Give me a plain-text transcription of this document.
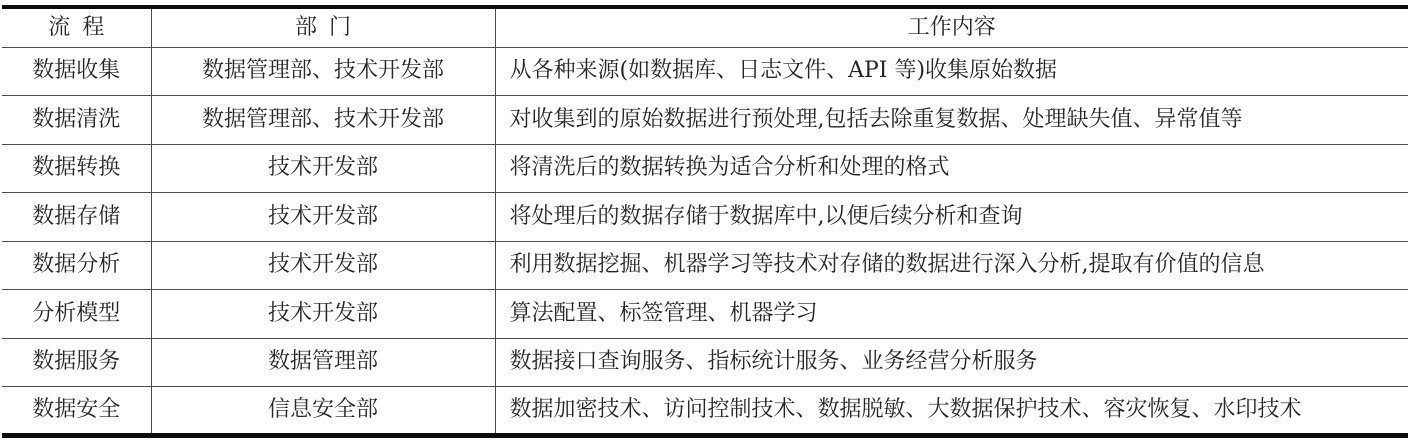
流程	部门	工作内容
数据收集	数据管理部、技术开发部	从各种来源(如数据库、日志文件、API 等)收集原始数据
数据清洗	数据管理部、技术开发部	对收集到的原始数据进行预处理,包括去除重复数据、处理缺失值、异常值等
数据转换	技术开发部	将清洗后的数据转换为适合分析和处理的格式
数据存储	技术开发部	将处理后的数据存储于数据库中,以便后续分析和查询
数据分析	技术开发部	利用数据挖掘、机器学习等技术对存储的数据进行深入分析,提取有价值的信息
分析模型	技术开发部	算法配置、标签管理、机器学习
数据服务	数据管理部	数据接口查询服务、指标统计服务、业务经营分析服务
数据安全	信息安全部	数据加密技术、访问控制技术、数据脱敏、大数据保护技术、容灾恢复、水印技术
